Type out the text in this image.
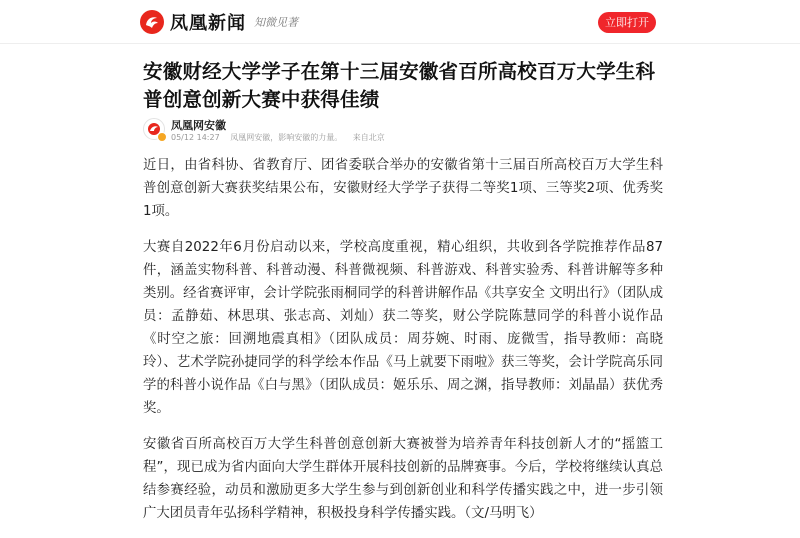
凤凰新闻 知微见著	立即打开
安徽财经大学学子在第十三届安徽省百所高校百万大学生科普创意创新大赛中获得佳绩
凤凰网安徽
05/12 14:27 凤凰网安徽，影响安徽的力量。 来自北京

近日，由省科协、省教育厅、团省委联合举办的安徽省第十三届百所高校百万大学生科普创意创新大赛获奖结果公布，安徽财经大学学子获得二等奖1项、三等奖2项、优秀奖1项。

大赛自2022年6月份启动以来，学校高度重视，精心组织，共收到各学院推荐作品87件，涵盖实物科普、科普动漫、科普微视频、科普游戏、科普实验秀、科普讲解等多种类别。经省赛评审，会计学院张雨桐同学的科普讲解作品《共享安全 文明出行》（团队成员：孟静茹、林思琪、张志高、刘灿）获二等奖，财公学院陈慧同学的科普小说作品《时空之旅：回溯地震真相》（团队成员：周芬婉、时雨、庞微雪，指导教师：高晓玲）、艺术学院孙捷同学的科学绘本作品《马上就要下雨啦》获三等奖，会计学院高乐同学的科普小说作品《白与黑》（团队成员：姬乐乐、周之渊，指导教师：刘晶晶）获优秀奖。

安徽省百所高校百万大学生科普创意创新大赛被誉为培养青年科技创新人才的“摇篮工程”，现已成为省内面向大学生群体开展科技创新的品牌赛事。今后，学校将继续认真总结参赛经验，动员和激励更多大学生参与到创新创业和科学传播实践之中，进一步引领广大团员青年弘扬科学精神，积极投身科学传播实践。（文/马明飞）
